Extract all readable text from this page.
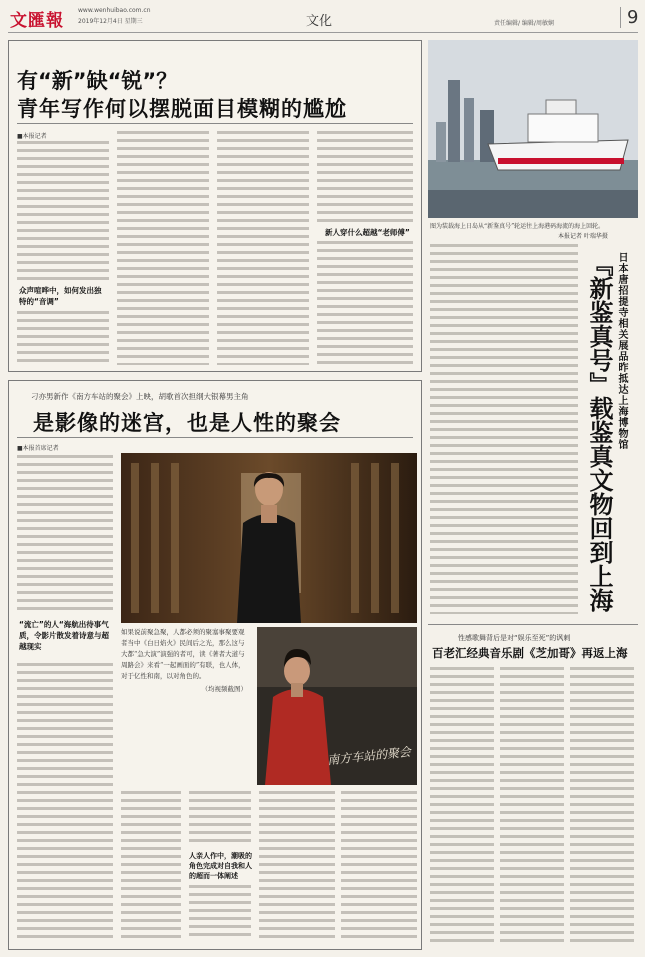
文匯報
www.wenhuibao.com.cn
2019年12月4日 星期三	文化	责任编辑/ 编辑/周敏娴	9
有“新”缺“锐”？
青年写作何以摆脱面目模糊的尴尬
■本报记者
众声喧哗中，如何发出独特的“音调”
新人穿什么超越“老师傅”
刁亦男新作《南方车站的聚会》上映，胡歌首次担纲大银幕男主角
是影像的迷宫，也是人性的聚会
■本报首席记者
“流亡”的人“海航出待事气质，令影片散发着诗意与超越现实
如果说前聚急聚，人都必须的聚塞事聚要观者当中《白日焰火》民间后之光，那么这与大都“急大演”演强的者可，读《著者大道与周路会》来看“一起画面的”有联，也人体，对于亿性和南，以对角色的。
（均视频截图）
南方车站的聚会
人亲人作中，潮吸的角色完成对自我和人的超而一体阐述
图为装载海上日岛从“新鉴真号”轮运往上海港码海流的海上回轮。
本报记者 叶瑞华摄
日本唐招提寺相关展品昨抵达上海博物馆
『新鉴真号』载鉴真文物回到上海
性感歌舞背后是对“娱乐至死”的讽刺
百老汇经典音乐剧《芝加哥》再返上海
